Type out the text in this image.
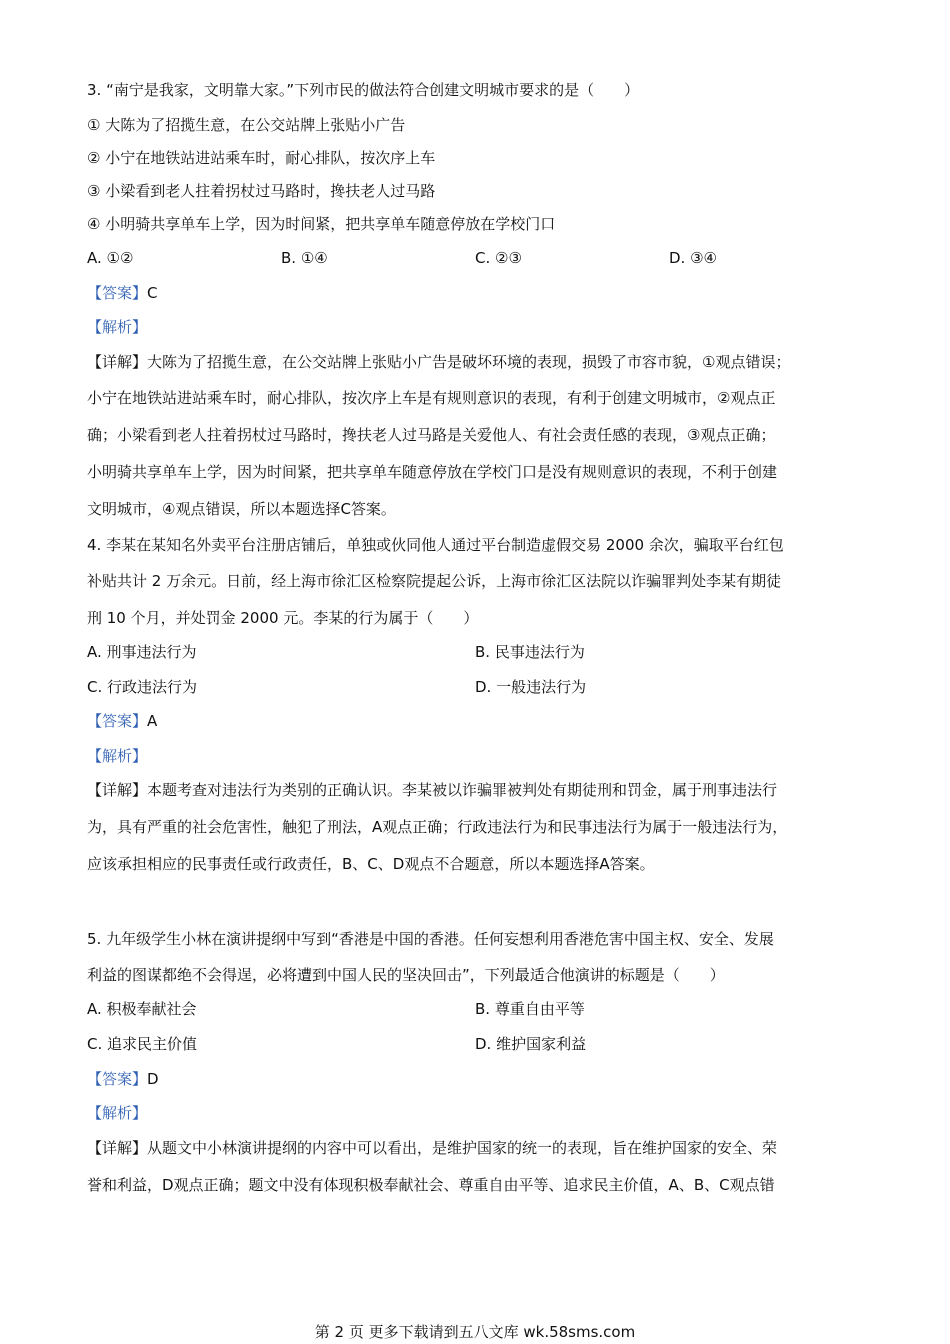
3. “南宁是我家，文明靠大家。”下列市民的做法符合创建文明城市要求的是（　　）
① 大陈为了招揽生意，在公交站牌上张贴小广告
② 小宁在地铁站进站乘车时，耐心排队，按次序上车
③ 小梁看到老人拄着拐杖过马路时，搀扶老人过马路
④ 小明骑共享单车上学，因为时间紧，把共享单车随意停放在学校门口
A. ①②	B. ①④	C. ②③	D. ③④
【答案】C
【解析】
【详解】大陈为了招揽生意，在公交站牌上张贴小广告是破坏环境的表现，损毁了市容市貌，①观点错误；
小宁在地铁站进站乘车时，耐心排队，按次序上车是有规则意识的表现，有利于创建文明城市，②观点正
确；小梁看到老人拄着拐杖过马路时，搀扶老人过马路是关爱他人、有社会责任感的表现，③观点正确；
小明骑共享单车上学，因为时间紧，把共享单车随意停放在学校门口是没有规则意识的表现，不利于创建
文明城市，④观点错误，所以本题选择C答案。
4. 李某在某知名外卖平台注册店铺后，单独或伙同他人通过平台制造虚假交易 2000 余次，骗取平台红包
补贴共计 2 万余元。日前，经上海市徐汇区检察院提起公诉，上海市徐汇区法院以诈骗罪判处李某有期徒
刑 10 个月，并处罚金 2000 元。李某的行为属于（　　）
A. 刑事违法行为	B. 民事违法行为
C. 行政违法行为	D. 一般违法行为
【答案】A
【解析】
【详解】本题考查对违法行为类别的正确认识。李某被以诈骗罪被判处有期徒刑和罚金，属于刑事违法行
为，具有严重的社会危害性，触犯了刑法，A观点正确；行政违法行为和民事违法行为属于一般违法行为，
应该承担相应的民事责任或行政责任，B、C、D观点不合题意，所以本题选择A答案。
5. 九年级学生小林在演讲提纲中写到“香港是中国的香港。任何妄想利用香港危害中国主权、安全、发展
利益的图谋都绝不会得逞，必将遭到中国人民的坚决回击”，下列最适合他演讲的标题是（　　）
A. 积极奉献社会	B. 尊重自由平等
C. 追求民主价值	D. 维护国家利益
【答案】D
【解析】
【详解】从题文中小林演讲提纲的内容中可以看出，是维护国家的统一的表现，旨在维护国家的安全、荣
誉和利益，D观点正确；题文中没有体现积极奉献社会、尊重自由平等、追求民主价值，A、B、C观点错
第 2 页 更多下载请到五八文库 wk.58sms.com
